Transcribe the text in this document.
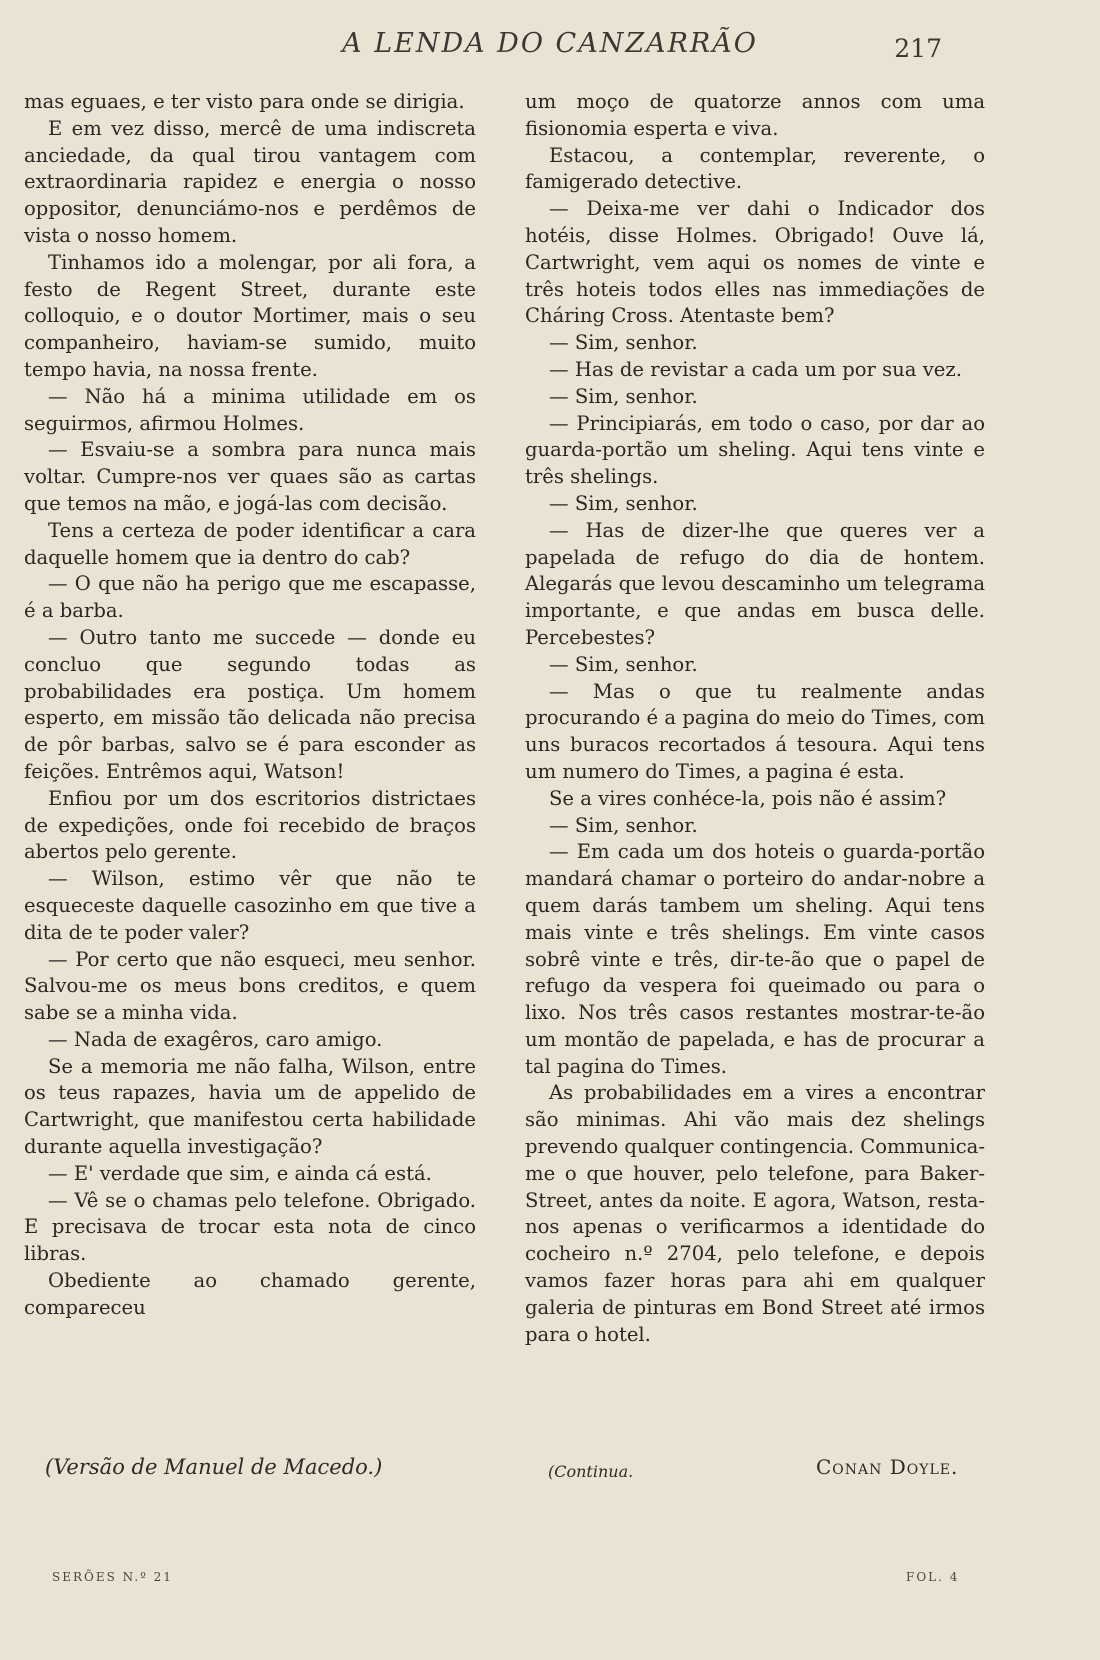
A LENDA DO CANZARRÃO	217

mas eguaes, e ter visto para onde se dirigia.

E em vez disso, mercê de uma indiscreta anciedade, da qual tirou vantagem com extraordinaria rapidez e energia o nosso oppositor, denunciámo-nos e perdêmos de vista o nosso homem.

Tinhamos ido a molengar, por ali fora, a festo de Regent Street, durante este colloquio, e o doutor Mortimer, mais o seu companheiro, haviam-se sumido, muito tempo havia, na nossa frente.

— Não há a minima utilidade em os seguirmos, afirmou Holmes.

— Esvaiu-se a sombra para nunca mais voltar. Cumpre-nos ver quaes são as cartas que temos na mão, e jogá-las com decisão.

Tens a certeza de poder identificar a cara daquelle homem que ia dentro do cab?

— O que não ha perigo que me escapasse, é a barba.

— Outro tanto me succede — donde eu concluo que segundo todas as probabilidades era postiça. Um homem esperto, em missão tão delicada não precisa de pôr barbas, salvo se é para esconder as feições. Entrêmos aqui, Watson!

Enfiou por um dos escritorios districtaes de expedições, onde foi recebido de braços abertos pelo gerente.

— Wilson, estimo vêr que não te esqueceste daquelle casozinho em que tive a dita de te poder valer?

— Por certo que não esqueci, meu senhor. Salvou-me os meus bons creditos, e quem sabe se a minha vida.

— Nada de exagêros, caro amigo.

Se a memoria me não falha, Wilson, entre os teus rapazes, havia um de appelido de Cartwright, que manifestou certa habilidade durante aquella investigação?

— E' verdade que sim, e ainda cá está.

— Vê se o chamas pelo telefone. Obrigado. E precisava de trocar esta nota de cinco libras.

Obediente ao chamado gerente, compareceu

um moço de quatorze annos com uma fisionomia esperta e viva.

Estacou, a contemplar, reverente, o famigerado detective.

— Deixa-me ver dahi o Indicador dos hotéis, disse Holmes. Obrigado! Ouve lá, Cartwright, vem aqui os nomes de vinte e três hoteis todos elles nas immediações de Cháring Cross. Atentaste bem?

— Sim, senhor.

— Has de revistar a cada um por sua vez.

— Sim, senhor.

— Principiarás, em todo o caso, por dar ao guarda-portão um sheling. Aqui tens vinte e três shelings.

— Sim, senhor.

— Has de dizer-lhe que queres ver a papelada de refugo do dia de hontem. Alegarás que levou descaminho um telegrama importante, e que andas em busca delle. Percebestes?

— Sim, senhor.

— Mas o que tu realmente andas procurando é a pagina do meio do Times, com uns buracos recortados á tesoura. Aqui tens um numero do Times, a pagina é esta.

Se a vires conhéce-la, pois não é assim?

— Sim, senhor.

— Em cada um dos hoteis o guarda-portão mandará chamar o porteiro do andar-nobre a quem darás tambem um sheling. Aqui tens mais vinte e três shelings. Em vinte casos sobrê vinte e três, dir-te-ão que o papel de refugo da vespera foi queimado ou para o lixo. Nos três casos restantes mostrar-te-ão um montão de papelada, e has de procurar a tal pagina do Times.

As probabilidades em a vires a encontrar são minimas. Ahi vão mais dez shelings prevendo qualquer contingencia. Communica-me o que houver, pelo telefone, para Baker-Street, antes da noite. E agora, Watson, resta-nos apenas o verificarmos a identidade do cocheiro n.º 2704, pelo telefone, e depois vamos fazer horas para ahi em qualquer galeria de pinturas em Bond Street até irmos para o hotel.

(Versão de Manuel de Macedo.)	(Continua.	Conan Doyle.
SERÕES N.º 21	FOL. 4
